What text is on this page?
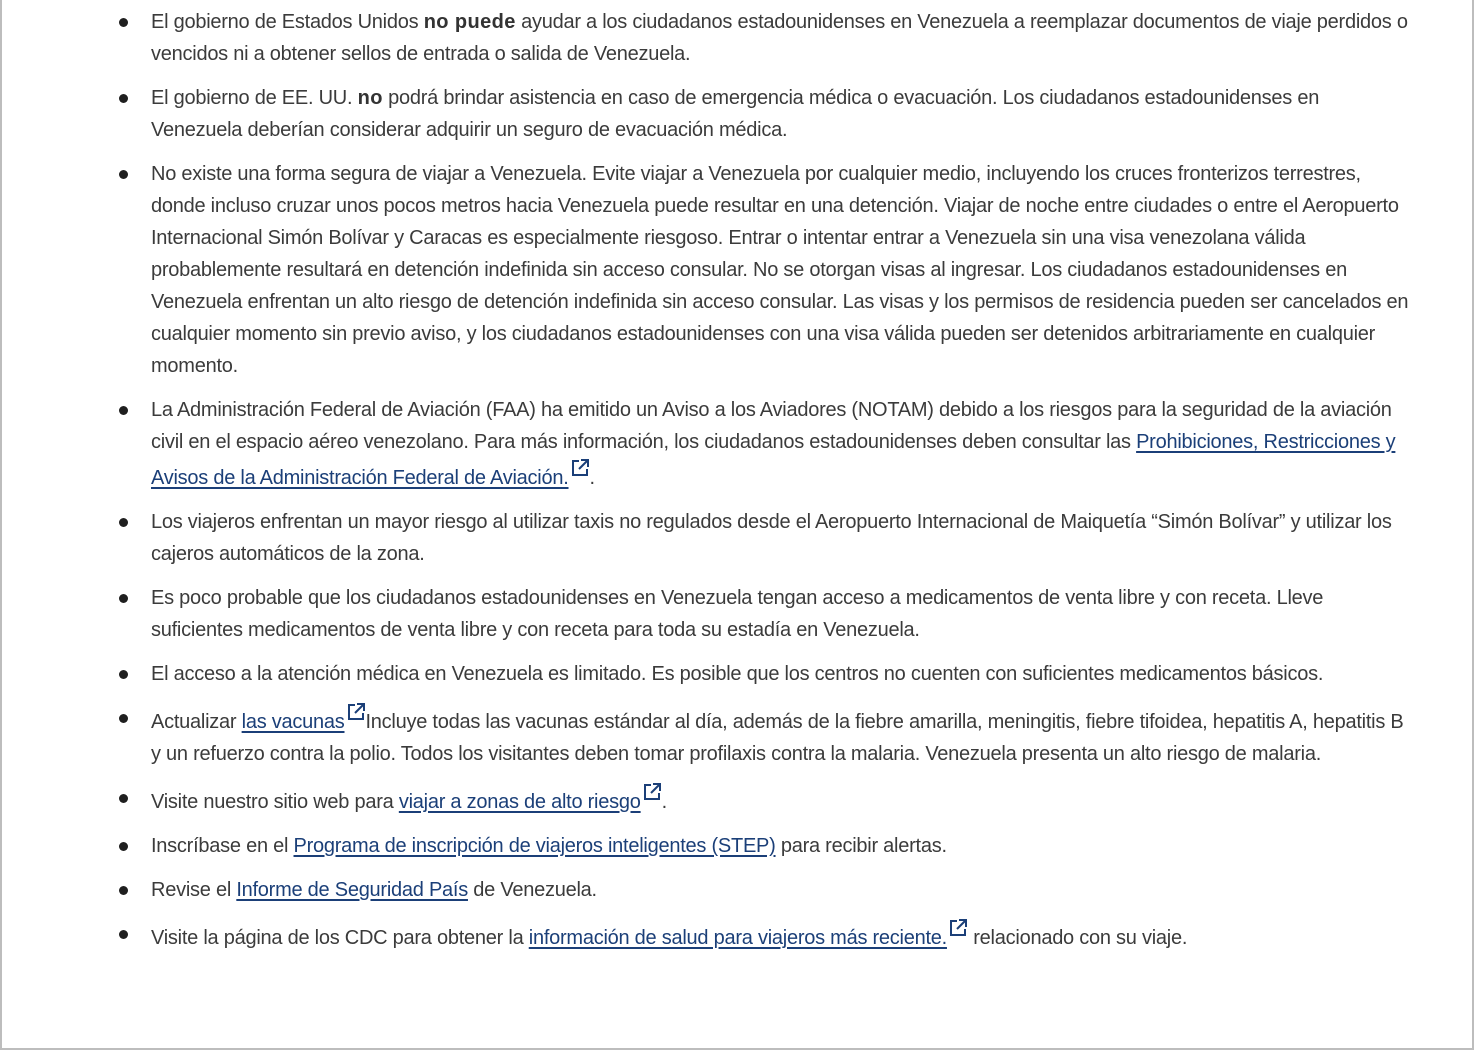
El gobierno de Estados Unidos no puede ayudar a los ciudadanos estadounidenses en Venezuela a reemplazar documentos de viaje perdidos o vencidos ni a obtener sellos de entrada o salida de Venezuela.
El gobierno de EE. UU. no podrá brindar asistencia en caso de emergencia médica o evacuación. Los ciudadanos estadounidenses en Venezuela deberían considerar adquirir un seguro de evacuación médica.
No existe una forma segura de viajar a Venezuela. Evite viajar a Venezuela por cualquier medio, incluyendo los cruces fronterizos terrestres, donde incluso cruzar unos pocos metros hacia Venezuela puede resultar en una detención. Viajar de noche entre ciudades o entre el Aeropuerto Internacional Simón Bolívar y Caracas es especialmente riesgoso. Entrar o intentar entrar a Venezuela sin una visa venezolana válida probablemente resultará en detención indefinida sin acceso consular. No se otorgan visas al ingresar. Los ciudadanos estadounidenses en Venezuela enfrentan un alto riesgo de detención indefinida sin acceso consular. Las visas y los permisos de residencia pueden ser cancelados en cualquier momento sin previo aviso, y los ciudadanos estadounidenses con una visa válida pueden ser detenidos arbitrariamente en cualquier momento.
La Administración Federal de Aviación (FAA) ha emitido un Aviso a los Aviadores (NOTAM) debido a los riesgos para la seguridad de la aviación civil en el espacio aéreo venezolano. Para más información, los ciudadanos estadounidenses deben consultar las Prohibiciones, Restricciones y Avisos de la Administración Federal de Aviación. .
Los viajeros enfrentan un mayor riesgo al utilizar taxis no regulados desde el Aeropuerto Internacional de Maiquetía “Simón Bolívar” y utilizar los cajeros automáticos de la zona.
Es poco probable que los ciudadanos estadounidenses en Venezuela tengan acceso a medicamentos de venta libre y con receta. Lleve suficientes medicamentos de venta libre y con receta para toda su estadía en Venezuela.
El acceso a la atención médica en Venezuela es limitado. Es posible que los centros no cuenten con suficientes medicamentos básicos.
Actualizar las vacunas Incluye todas las vacunas estándar al día, además de la fiebre amarilla, meningitis, fiebre tifoidea, hepatitis A, hepatitis B y un refuerzo contra la polio. Todos los visitantes deben tomar profilaxis contra la malaria. Venezuela presenta un alto riesgo de malaria.
Visite nuestro sitio web para viajar a zonas de alto riesgo .
Inscríbase en el Programa de inscripción de viajeros inteligentes (STEP) para recibir alertas.
Revise el Informe de Seguridad País de Venezuela.
Visite la página de los CDC para obtener la información de salud para viajeros más reciente.
relacionado con su viaje.
